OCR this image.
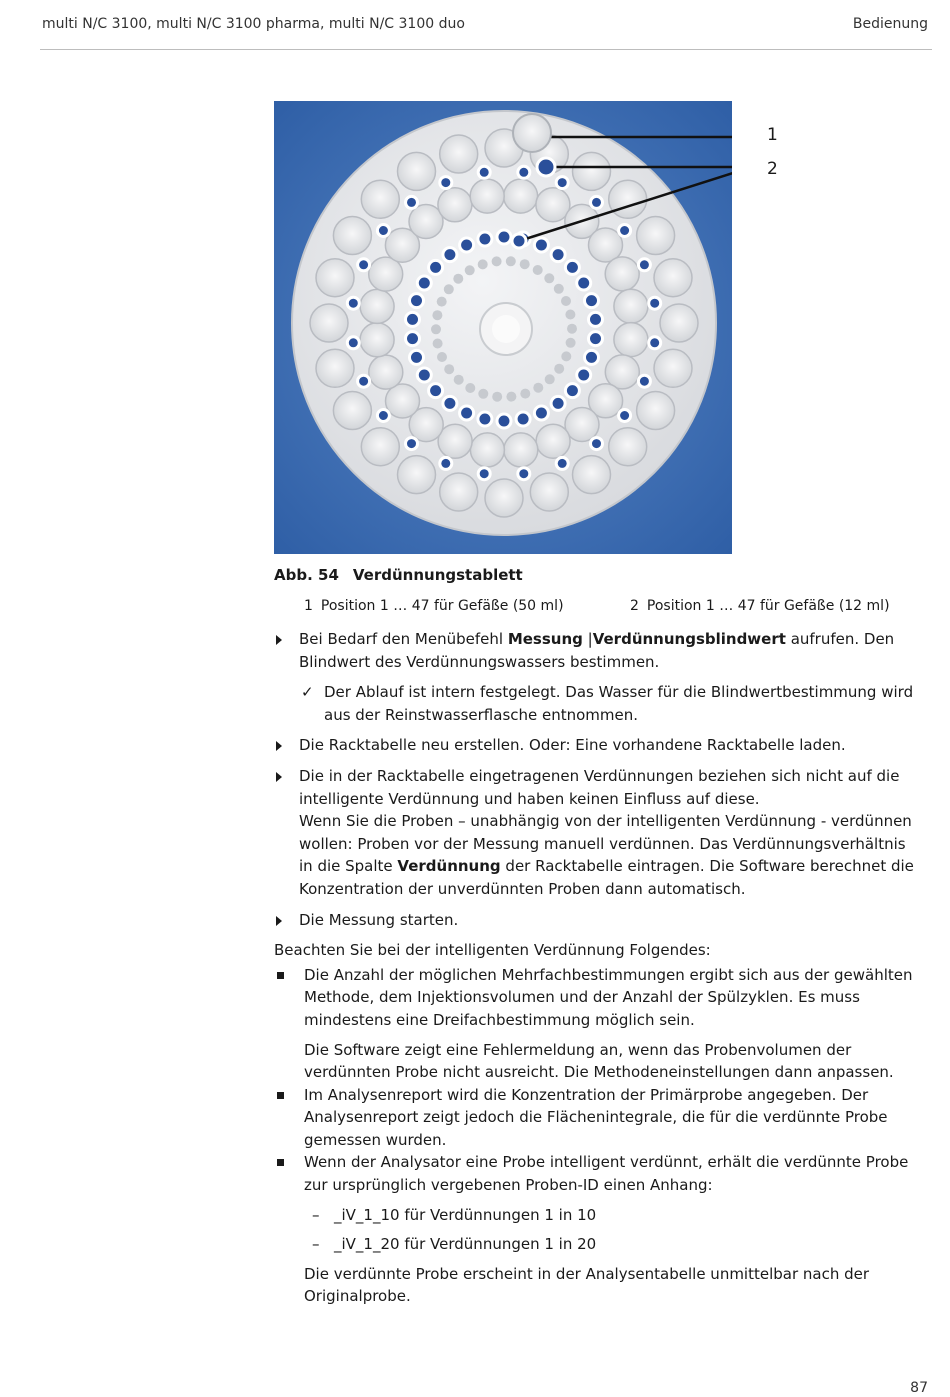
multi N/C 3100, multi N/C 3100 pharma, multi N/C 3100 duo	Bedienung
1
2
Abb. 54 Verdünnungstablett
1 Position 1 … 47 für Gefäße (50 ml)	2 Position 1 … 47 für Gefäße (12 ml)
Bei Bedarf den Menübefehl Messung |Verdünnungsblindwert aufrufen. Den Blindwert des Verdünnungswassers bestimmen.
✓ Der Ablauf ist intern festgelegt. Das Wasser für die Blindwertbestimmung wird aus der Reinstwasserflasche entnommen.
Die Racktabelle neu erstellen. Oder: Eine vorhandene Racktabelle laden.
Die in der Racktabelle eingetragenen Verdünnungen beziehen sich nicht auf die intelligente Verdünnung und haben keinen Einfluss auf diese.
Wenn Sie die Proben – unabhängig von der intelligenten Verdünnung - verdünnen wollen: Proben vor der Messung manuell verdünnen. Das Verdünnungsverhältnis in die Spalte Verdünnung der Racktabelle eintragen. Die Software berechnet die Konzentration der unverdünnten Proben dann automatisch.
Die Messung starten.
Beachten Sie bei der intelligenten Verdünnung Folgendes:
Die Anzahl der möglichen Mehrfachbestimmungen ergibt sich aus der gewählten Methode, dem Injektionsvolumen und der Anzahl der Spülzyklen. Es muss mindestens eine Dreifachbestimmung möglich sein.
Die Software zeigt eine Fehlermeldung an, wenn das Probenvolumen der verdünnten Probe nicht ausreicht. Die Methodeneinstellungen dann anpassen.
Im Analysenreport wird die Konzentration der Primärprobe angegeben. Der Analysenreport zeigt jedoch die Flächenintegrale, die für die verdünnte Probe gemessen wurden.
Wenn der Analysator eine Probe intelligent verdünnt, erhält die verdünnte Probe zur ursprünglich vergebenen Proben-ID einen Anhang:
– _iV_1_10 für Verdünnungen 1 in 10
– _iV_1_20 für Verdünnungen 1 in 20
Die verdünnte Probe erscheint in der Analysentabelle unmittelbar nach der Originalprobe.
87
